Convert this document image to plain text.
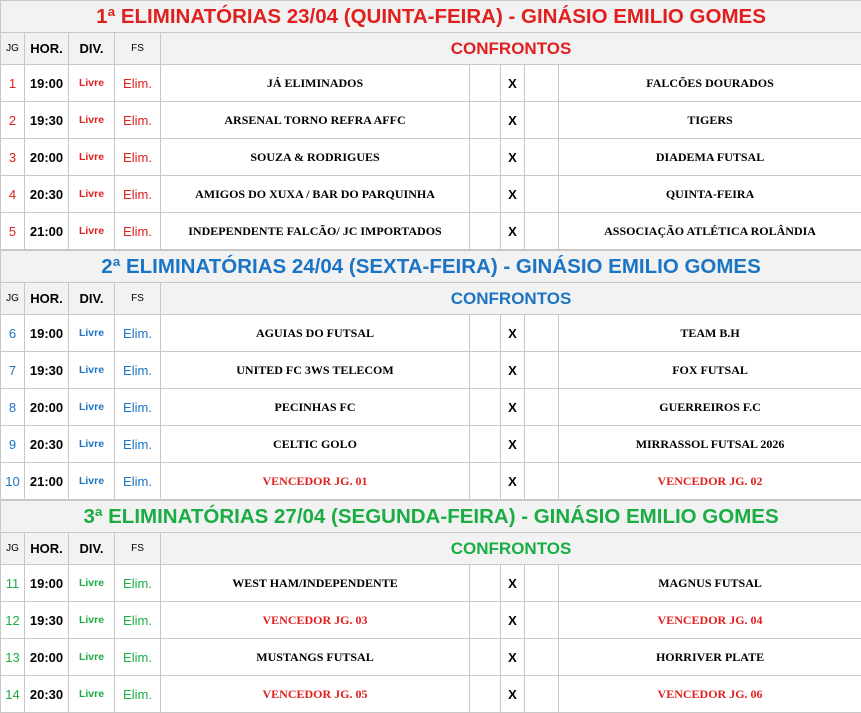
1ª ELIMINATÓRIAS 23/04 (QUINTA-FEIRA) - GINÁSIO EMILIO GOMES								
JG	HOR.	DIV.	FS	CONFRONTOS				
1	19:00	Livre	Elim.	JÁ ELIMINADOS		X		FALCÕES DOURADOS
2	19:30	Livre	Elim.	ARSENAL TORNO REFRA AFFC		X		TIGERS
3	20:00	Livre	Elim.	SOUZA & RODRIGUES		X		DIADEMA FUTSAL
4	20:30	Livre	Elim.	AMIGOS DO XUXA / BAR DO PARQUINHA		X		QUINTA-FEIRA
5	21:00	Livre	Elim.	INDEPENDENTE FALCÃO/ JC IMPORTADOS		X		ASSOCIAÇÃO ATLÉTICA ROLÂNDIA
2ª ELIMINATÓRIAS 24/04 (SEXTA-FEIRA) - GINÁSIO EMILIO GOMES								
JG	HOR.	DIV.	FS	CONFRONTOS				
6	19:00	Livre	Elim.	AGUIAS DO FUTSAL		X		TEAM B.H
7	19:30	Livre	Elim.	UNITED FC 3WS TELECOM		X		FOX FUTSAL
8	20:00	Livre	Elim.	PECINHAS FC		X		GUERREIROS F.C
9	20:30	Livre	Elim.	CELTIC GOLO		X		MIRRASSOL FUTSAL 2026
10	21:00	Livre	Elim.	VENCEDOR JG. 01		X		VENCEDOR JG. 02
3ª ELIMINATÓRIAS 27/04 (SEGUNDA-FEIRA) - GINÁSIO EMILIO GOMES								
JG	HOR.	DIV.	FS	CONFRONTOS				
11	19:00	Livre	Elim.	WEST HAM/INDEPENDENTE		X		MAGNUS FUTSAL
12	19:30	Livre	Elim.	VENCEDOR JG. 03		X		VENCEDOR JG. 04
13	20:00	Livre	Elim.	MUSTANGS FUTSAL		X		HORRIVER PLATE
14	20:30	Livre	Elim.	VENCEDOR JG. 05		X		VENCEDOR JG. 06
